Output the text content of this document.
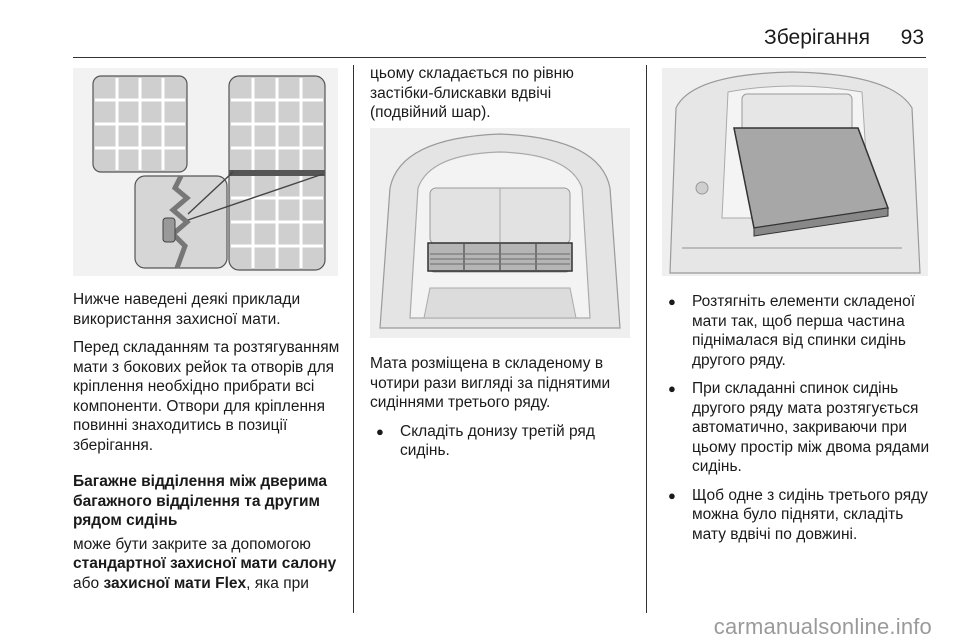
Зберігання 93

Нижче наведені деякі приклади використання захисної мати.

Перед складанням та розтягуванням мати з бокових рейок та отворів для кріплення необхідно прибрати всі компоненти. Отвори для кріплення повинні знаходитись в позиції зберігання.

Багажне відділення між дверима багажного відділення та другим рядом сидінь

може бути закрите за допомогою стандартної захисної мати салону або захисної мати Flex, яка при

цьому складається по рівню застібки-блискавки вдвічі (подвійний шар).

Мата розміщена в складеному в чотири рази вигляді за піднятими сидіннями третього ряду.

● Складіть донизу третій ряд сидінь.
● Розтягніть елементи складеної мати так, щоб перша частина піднімалася від спинки сидінь другого ряду.
● При складанні спинок сидінь другого ряду мата розтягується автоматично, закриваючи при цьому простір між двома рядами сидінь.
● Щоб одне з сидінь третього ряду можна було підняти, складіть мату вдвічі по довжині.
carmanualsonline.info
